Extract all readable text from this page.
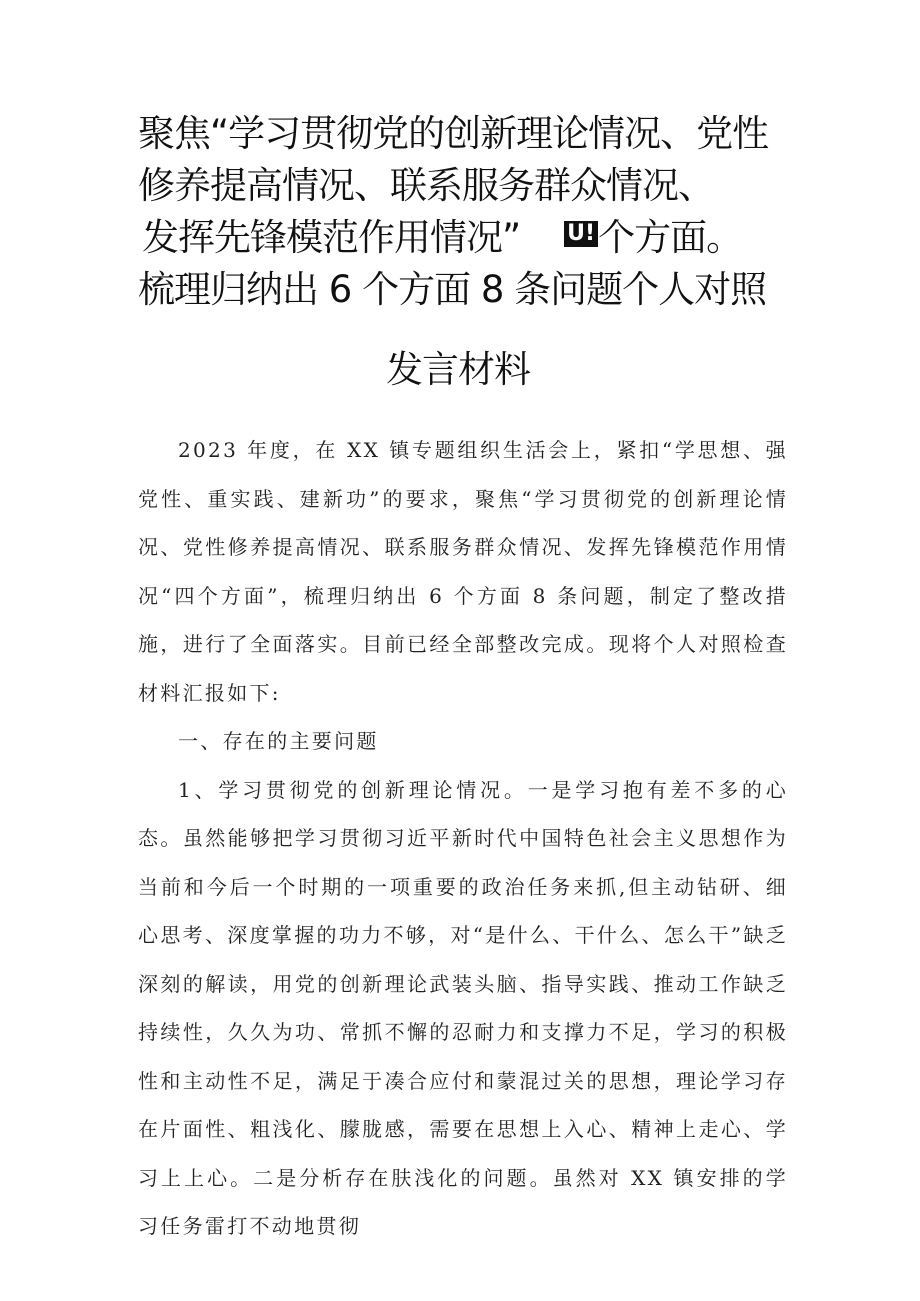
聚焦“学习贯彻党的创新理论情况、党性
修养提高情况、联系服务群众情况、
发挥先锋模范作用情况” U!个方面。
梳理归纳出 6 个方面 8 条问题个人对照
发言材料

2023 年度，在 XX 镇专题组织生活会上，紧扣“学思想、强党性、重实践、建新功”的要求，聚焦“学习贯彻党的创新理论情况、党性修养提高情况、联系服务群众情况、发挥先锋模范作用情况“四个方面”，梳理归纳出 6 个方面 8 条问题，制定了整改措施，进行了全面落实。目前已经全部整改完成。现将个人对照检查材料汇报如下:

一、存在的主要问题

1、学习贯彻党的创新理论情况。一是学习抱有差不多的心态。虽然能够把学习贯彻习近平新时代中国特色社会主义思想作为当前和今后一个时期的一项重要的政治任务来抓,但主动钻研、细心思考、深度掌握的功力不够，对“是什么、干什么、怎么干”缺乏深刻的解读，用党的创新理论武装头脑、指导实践、推动工作缺乏持续性，久久为功、常抓不懈的忍耐力和支撑力不足，学习的积极性和主动性不足，满足于凑合应付和蒙混过关的思想，理论学习存在片面性、粗浅化、朦胧感，需要在思想上入心、精神上走心、学习上上心。二是分析存在肤浅化的问题。虽然对 XX 镇安排的学习任务雷打不动地贯彻
